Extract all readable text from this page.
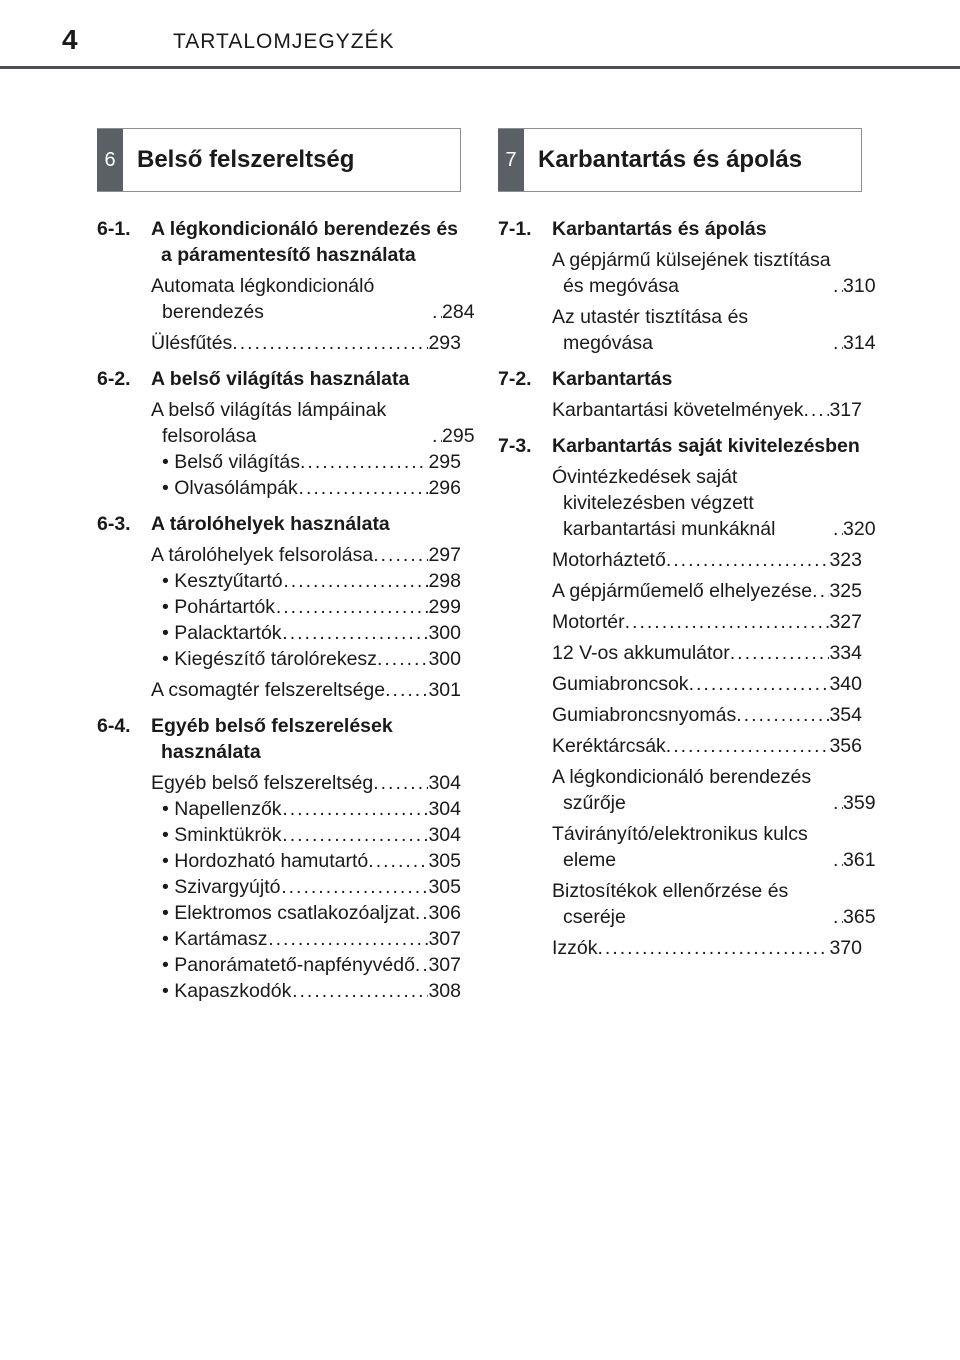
4	TARTALOMJEGYZÉK
6 Belső felszereltség
6-1.	A légkondicionáló berendezés és a páramentesítő használata
Automata légkondicionáló berendezés .....	284
Ülésfűtés .....	293
6-2.	A belső világítás használata
A belső világítás lámpáinak felsorolása .....	295
• Belső világítás .....	295
• Olvasólámpák .....	296
6-3.	A tárolóhelyek használata
A tárolóhelyek felsorolása .....	297
• Kesztyűtartó .....	298
• Pohártartók .....	299
• Palacktartók .....	300
• Kiegészítő tárolórekesz .....	300
A csomagtér felszereltsége ..... 301
6-4.	Egyéb belső felszerelések használata
Egyéb belső felszereltség .....	304
• Napellenzők .....	304
• Sminktükrök .....	304
• Hordozható hamutartó .....	305
• Szivargyújtó .....	305
• Elektromos csatlakozóaljzat ..... 306
• Kartámasz .....	307
• Panorámatető-napfényvédő ..... 307
• Kapaszkodók .....	308
7 Karbantartás és ápolás
7-1.	Karbantartás és ápolás
A gépjármű külsejének tisztítása és megóvása .....	310
Az utastér tisztítása és megóvása .....	314
7-2.	Karbantartás
Karbantartási követelmények ..... 317
7-3.	Karbantartás saját kivitelezésben
Óvintézkedések saját kivitelezésben végzett karbantartási munkáknál .....	320
Motorháztető .....	323
A gépjárműemelő elhelyezése ..... 325
Motortér .....	327
12 V-os akkumulátor .....	334
Gumiabroncsok .....	340
Gumiabroncsnyomás .....	354
Keréktárcsák .....	356
A légkondicionáló berendezés szűrője .....	359
Távirányító/elektronikus kulcs eleme .....	361
Biztosítékok ellenőrzése és cseréje .....	365
Izzók .....	370
